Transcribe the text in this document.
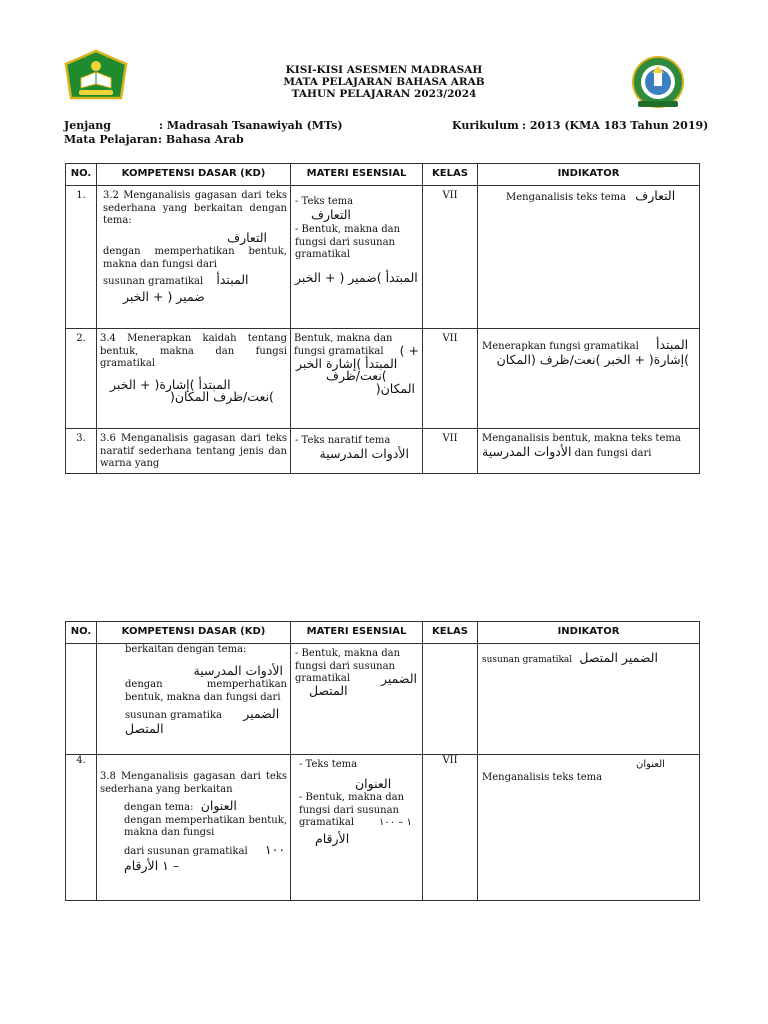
KISI-KISI ASESMEN MADRASAH
MATA PELAJARAN BAHASA ARAB
TAHUN PELAJARAN 2023/2024
Jenjang	: Madrasah Tsanawiyah (MTs)
Mata Pelajaran : Bahasa Arab
Kurikulum : 2013 (KMA 183 Tahun 2019)
NO.	KOMPETENSI DASAR (KD)	MATERI ESENSIAL	KELAS	INDIKATOR

1.	3.2 Menganalisis gagasan dari teks sederhana yang berkaitan dengan tema:
التعارف
dengan memperhatikan bentuk, makna dan fungsi dari
susunan gramatikal المبتدأ
ضمير ( + الخبر	- Teks tema
التعارف
- Bentuk, makna dan fungsi dari susunan gramatikal
المبتدأ )ضمير ( + الخبر	VII	Menganalisis teks tema التعارف

2.	3.4 Menerapkan kaidah tentang bentuk, makna dan fungsi gramatikal
المبتدأ )إشارة( + الخبر
)نعت/ظرف المكان(	Bentuk, makna dan fungsi gramatikal + )
المبتدأ )إشارة الخبر
)نعت/ظرف
المكان(	VII	Menerapkan fungsi gramatikal المبتدأ
)إشارة( + الخبر )نعت/ظرف (المكان

3.	3.6 Menganalisis gagasan dari teks naratif sederhana tentang jenis dan warna yang	- Teks naratif tema
الأدوات المدرسية	VII	Menganalisis bentuk, makna teks tema
الأدوات المدرسية dan fungsi dari
NO.	KOMPETENSI DASAR (KD)	MATERI ESENSIAL	KELAS	INDIKATOR

	berkaitan dengan tema:
الأدوات المدرسية
dengan memperhatikan bentuk, makna dan fungsi dari
susunan gramatika الضمير
المتصل	- Bentuk, makna dan fungsi dari susunan gramatikal الضمير
المتصل		susunan gramatikal الضمير المتصل

4.	3.8 Menganalisis gagasan dari teks sederhana yang berkaitan
dengan tema: العنوان
dengan memperhatikan bentuk, makna dan fungsi
dari susunan gramatikal ١٠٠
– ١ الأرقام	- Teks tema
العنوان
- Bentuk, makna dan fungsi dari susunan gramatikal ١ – ١٠٠
الأرقام	VII	العنوان
Menganalisis teks tema
